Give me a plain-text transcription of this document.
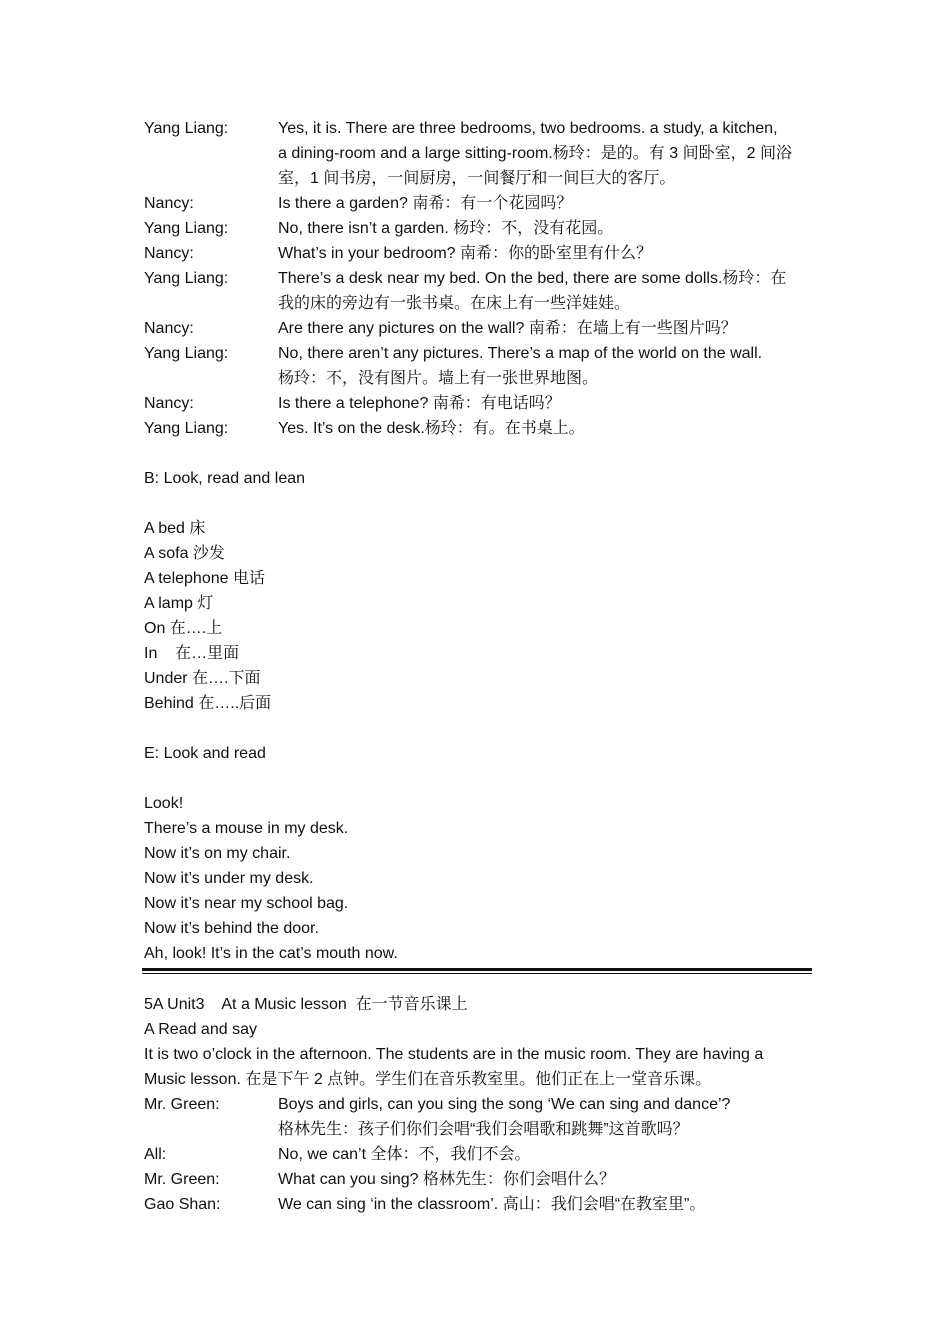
Yang Liang:	Yes, it is. There are three bedrooms, two bedrooms. a study, a kitchen,
a dining-room and a large sitting-room.杨玲：是的。有 3 间卧室，2 间浴
室，1 间书房，一间厨房，一间餐厅和一间巨大的客厅。
Nancy:	Is there a garden? 南希：有一个花园吗？
Yang Liang:	No, there isn’t a garden. 杨玲：不，没有花园。
Nancy:	What’s in your bedroom? 南希：你的卧室里有什么？
Yang Liang:	There’s a desk near my bed. On the bed, there are some dolls.杨玲：在
我的床的旁边有一张书桌。在床上有一些洋娃娃。
Nancy:	Are there any pictures on the wall? 南希：在墙上有一些图片吗？
Yang Liang:	No, there aren’t any pictures. There’s a map of the world on the wall.
杨玲：不，没有图片。墙上有一张世界地图。
Nancy:	Is there a telephone? 南希：有电话吗？
Yang Liang:	Yes. It’s on the desk.杨玲：有。在书桌上。
B: Look, read and lean
A bed 床
A sofa 沙发
A telephone 电话
A lamp 灯
On 在….上
In    在…里面
Under 在….下面
Behind 在…..后面
E: Look and read
Look!
There’s a mouse in my desk.
Now it’s on my chair.
Now it’s under my desk.
Now it’s near my school bag.
Now it’s behind the door.
Ah, look! It’s in the cat’s mouth now.
5A Unit3    At a Music lesson  在一节音乐课上
A Read and say
It is two o’clock in the afternoon. The students are in the music room. They are having a
Music lesson. 在是下午 2 点钟。学生们在音乐教室里。他们正在上一堂音乐课。
Mr. Green:	Boys and girls, can you sing the song ‘We can sing and dance’?
格林先生：孩子们你们会唱“我们会唱歌和跳舞”这首歌吗？
All:	No, we can’t 全体：不，我们不会。
Mr. Green:	What can you sing? 格林先生：你们会唱什么？
Gao Shan:	We can sing ‘in the classroom’. 高山：我们会唱“在教室里”。
